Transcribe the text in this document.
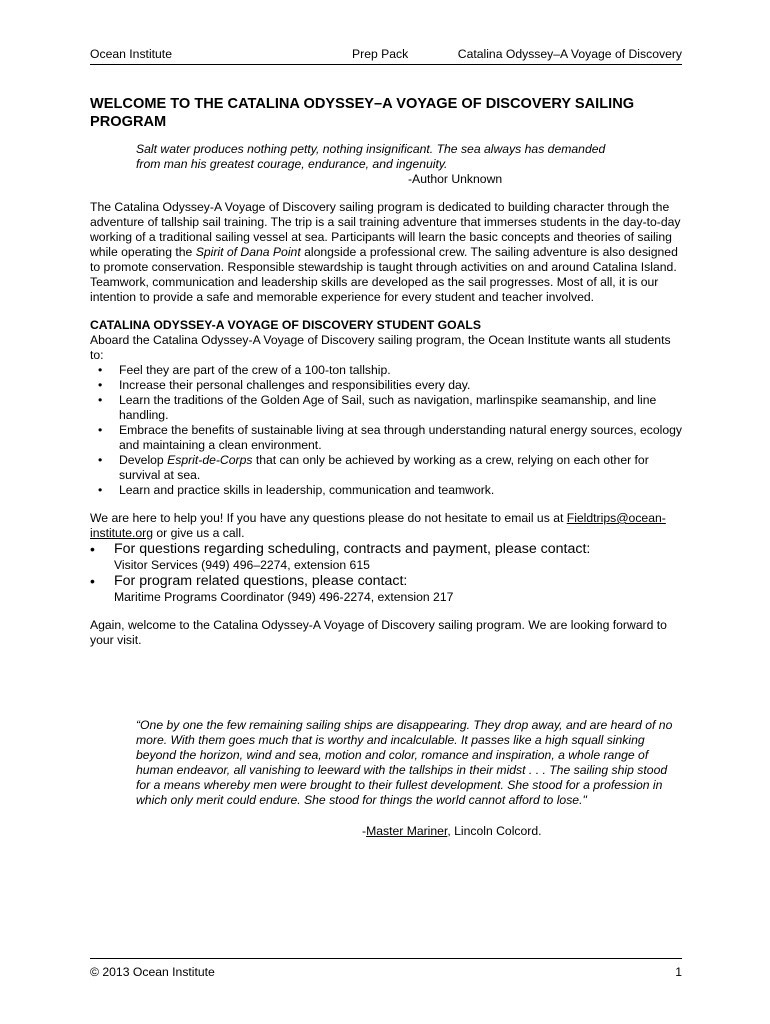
Ocean Institute	Prep Pack	Catalina Odyssey–A Voyage of Discovery
WELCOME TO THE CATALINA ODYSSEY–A VOYAGE OF DISCOVERY SAILING PROGRAM
Salt water produces nothing petty, nothing insignificant. The sea always has demanded
from man his greatest courage, endurance, and ingenuity.
-Author Unknown

The Catalina Odyssey-A Voyage of Discovery sailing program is dedicated to building character through the adventure of tallship sail training. The trip is a sail training adventure that immerses students in the day-to-day working of a traditional sailing vessel at sea. Participants will learn the basic concepts and theories of sailing while operating the Spirit of Dana Point alongside a professional crew. The sailing adventure is also designed to promote conservation. Responsible stewardship is taught through activities on and around Catalina Island. Teamwork, communication and leadership skills are developed as the sail progresses. Most of all, it is our intention to provide a safe and memorable experience for every student and teacher involved.

CATALINA ODYSSEY-A VOYAGE OF DISCOVERY STUDENT GOALS

Aboard the Catalina Odyssey-A Voyage of Discovery sailing program, the Ocean Institute wants all students to:

• Feel they are part of the crew of a 100-ton tallship.
• Increase their personal challenges and responsibilities every day.
• Learn the traditions of the Golden Age of Sail, such as navigation, marlinspike seamanship, and line handling.
• Embrace the benefits of sustainable living at sea through understanding natural energy sources, ecology and maintaining a clean environment.
• Develop Esprit-de-Corps that can only be achieved by working as a crew, relying on each other for survival at sea.
• Learn and practice skills in leadership, communication and teamwork.

We are here to help you! If you have any questions please do not hesitate to email us at Fieldtrips@ocean-institute.org or give us a call.

• For questions regarding scheduling, contracts and payment, please contact:
Visitor Services (949) 496–2274, extension 615
• For program related questions, please contact:
Maritime Programs Coordinator (949) 496-2274, extension 217

Again, welcome to the Catalina Odyssey-A Voyage of Discovery sailing program. We are looking forward to your visit.

“One by one the few remaining sailing ships are disappearing. They drop away, and are heard of no more. With them goes much that is worthy and incalculable. It passes like a high squall sinking beyond the horizon, wind and sea, motion and color, romance and inspiration, a whole range of human endeavor, all vanishing to leeward with the tallships in their midst . . . The sailing ship stood for a means whereby men were brought to their fullest development. She stood for a profession in which only merit could endure. She stood for things the world cannot afford to lose."
-Master Mariner, Lincoln Colcord.
© 2013 Ocean Institute	1
